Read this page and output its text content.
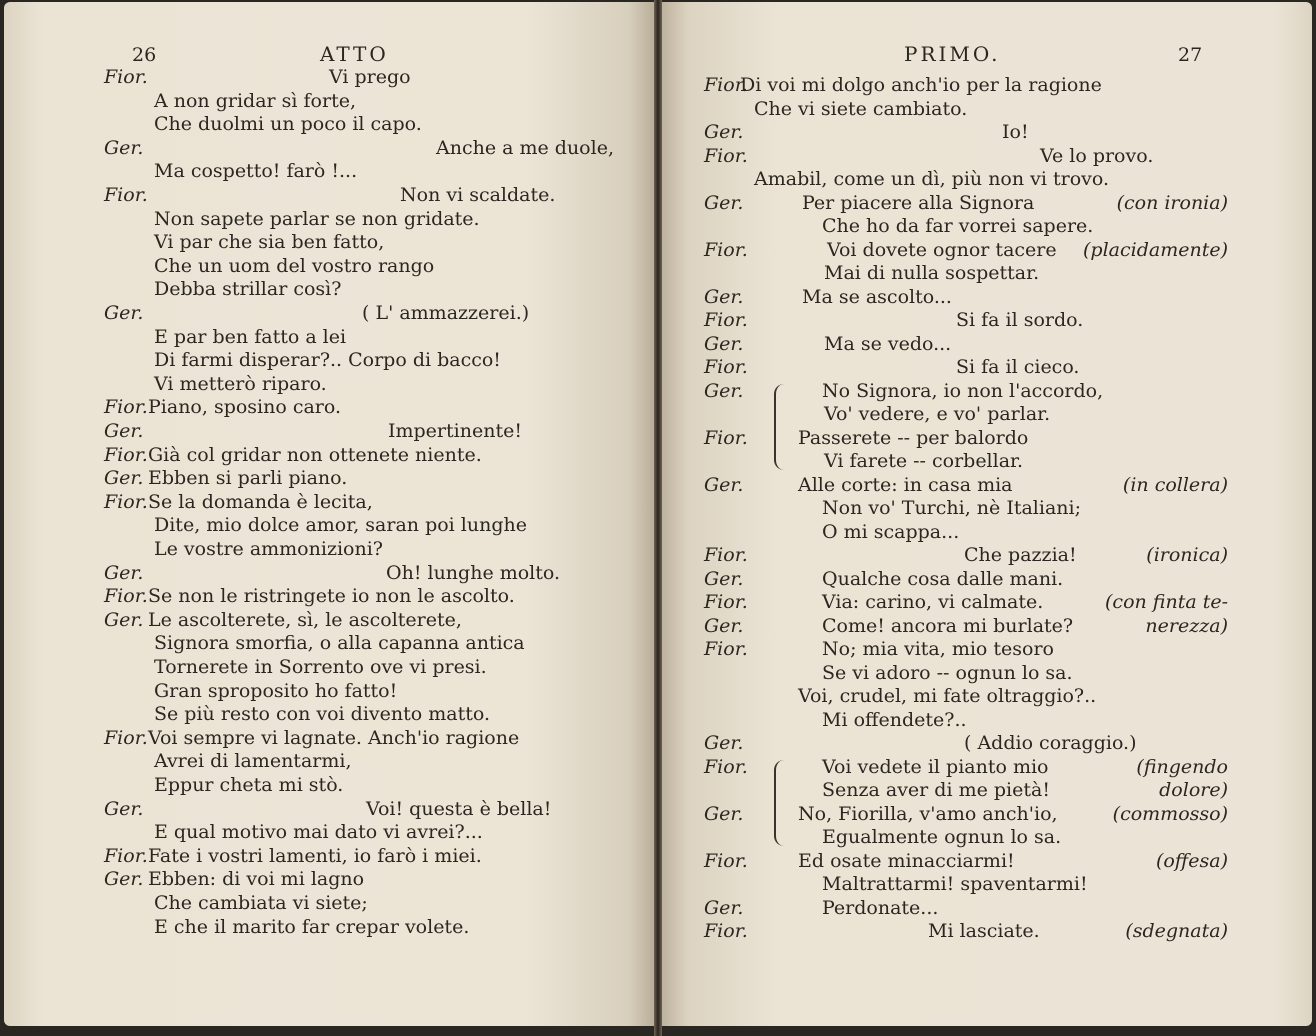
26	ATTO
Fior.	Vi prego
A non gridar sì forte,
Che duolmi un poco il capo.
Ger.	Anche a me duole,
Ma cospetto! farò !...
Fior.	Non vi scaldate.
Non sapete parlar se non gridate.
Vi par che sia ben fatto,
Che un uom del vostro rango
Debba strillar così?
Ger.	( L' ammazzerei.)
E par ben fatto a lei
Di farmi disperar?.. Corpo di bacco!
Vi metterò riparo.
Fior. Piano, sposino caro.
Ger.	Impertinente!
Fior. Già col gridar non ottenete niente.
Ger. Ebben si parli piano.
Fior. Se la domanda è lecita,
Dite, mio dolce amor, saran poi lunghe
Le vostre ammonizioni?
Ger.	Oh! lunghe molto.
Fior. Se non le ristringete io non le ascolto.
Ger. Le ascolterete, sì, le ascolterete,
Signora smorfia, o alla capanna antica
Tornerete in Sorrento ove vi presi.
Gran sproposito ho fatto!
Se più resto con voi divento matto.
Fior. Voi sempre vi lagnate. Anch'io ragione
Avrei di lamentarmi,
Eppur cheta mi stò.
Ger.	Voi! questa è bella!
E qual motivo mai dato vi avrei?...
Fior. Fate i vostri lamenti, io farò i miei.
Ger. Ebben: di voi mi lagno
Che cambiata vi siete;
E che il marito far crepar volete.
PRIMO.	27
Fior.
Di voi mi dolgo anch'io per la ragione
Che vi siete cambiato.
Ger.	Io!
Fior.	Ve lo provo.
Amabil, come un dì, più non vi trovo.
Ger.	Per piacere alla Signora	(con ironia)
Che ho da far vorrei sapere.
Fior.	Voi dovete ognor tacere (placidamente)
Mai di nulla sospettar.
Ger.	Ma se ascolto...
Fior.	Si fa il sordo.
Ger.	Ma se vedo...
Fior.	Si fa il cieco.
Ger.	No Signora, io non l'accordo,
Vo' vedere, e vo' parlar.
Fior.	Passerete -- per balordo
Vi farete -- corbellar.
Ger.	Alle corte: in casa mia	(in collera)
Non vo' Turchi, nè Italiani;
O mi scappa...
Fior.	Che pazzia!	(ironica)
Ger.	Qualche cosa dalle mani.
Fior.	Via: carino, vi calmate.	(con finta te-
Ger.	Come! ancora mi burlate?	nerezza)
Fior.	No; mia vita, mio tesoro
Se vi adoro -- ognun lo sa.
Voi, crudel, mi fate oltraggio?..
Mi offendete?..
Ger.	( Addio coraggio.)
Fior.	Voi vedete il pianto mio	(fingendo
Senza aver di me pietà!	dolore)
Ger.	No, Fiorilla, v'amo anch'io,	(commosso)
Egualmente ognun lo sa.
Fior.	Ed osate minacciarmi!	(offesa)
Maltrattarmi! spaventarmi!
Ger.	Perdonate...
Fior.	Mi lasciate.	(sdegnata)
